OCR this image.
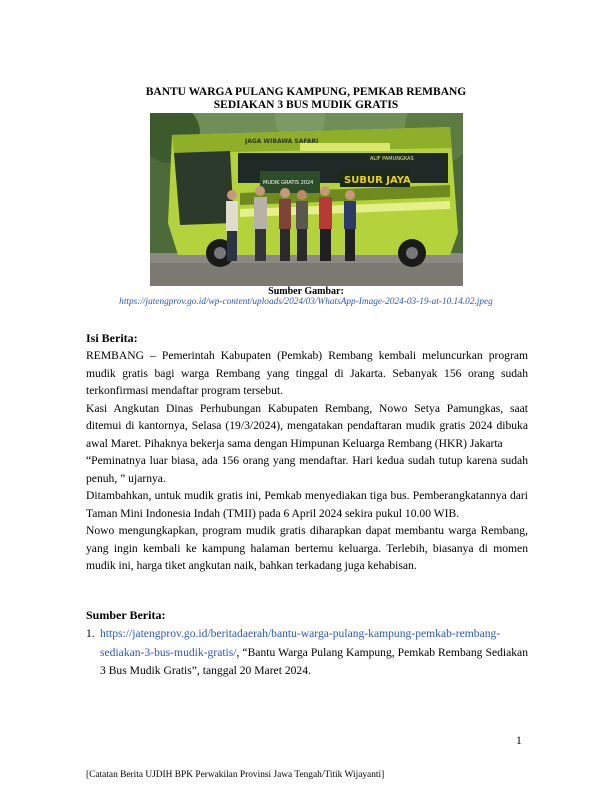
BANTU WARGA PULANG KAMPUNG, PEMKAB REMBANG
SEDIAKAN 3 BUS MUDIK GRATIS
JAGA WIBAWA SAFARI
ALIF PAMUNGKAS
MUDIK GRATIS 2024	SUBUR JAYA
Sumber Gambar:
https://jatengprov.go.id/wp-content/uploads/2024/03/WhatsApp-Image-2024-03-19-at-10.14.02.jpeg
Isi Berita:

REMBANG – Pemerintah Kabupaten (Pemkab) Rembang kembali meluncurkan program mudik gratis bagi warga Rembang yang tinggal di Jakarta. Sebanyak 156 orang sudah terkonfirmasi mendaftar program tersebut.

Kasi Angkutan Dinas Perhubungan Kabupaten Rembang, Nowo Setya Pamungkas, saat ditemui di kantornya, Selasa (19/3/2024), mengatakan pendaftaran mudik gratis 2024 dibuka awal Maret. Pihaknya bekerja sama dengan Himpunan Keluarga Rembang (HKR) Jakarta

“Peminatnya luar biasa, ada 156 orang yang mendaftar. Hari kedua sudah tutup karena sudah penuh, ” ujarnya.

Ditambahkan, untuk mudik gratis ini, Pemkab menyediakan tiga bus. Pemberangkatannya dari Taman Mini Indonesia Indah (TMII) pada 6 April 2024 sekira pukul 10.00 WIB.

Nowo mengungkapkan, program mudik gratis diharapkan dapat membantu warga Rembang, yang ingin kembali ke kampung halaman bertemu keluarga. Terlebih, biasanya di momen mudik ini, harga tiket angkutan naik, bahkan terkadang juga kehabisan.

Sumber Berita:
1. https://jatengprov.go.id/beritadaerah/bantu-warga-pulang-kampung-pemkab-rembang-sediakan-3-bus-mudik-gratis/, “Bantu Warga Pulang Kampung, Pemkab Rembang Sediakan 3 Bus Mudik Gratis”, tanggal 20 Maret 2024.
1
[Catatan Berita UJDIH BPK Perwakilan Provinsi Jawa Tengah/Titik Wijayanti]
